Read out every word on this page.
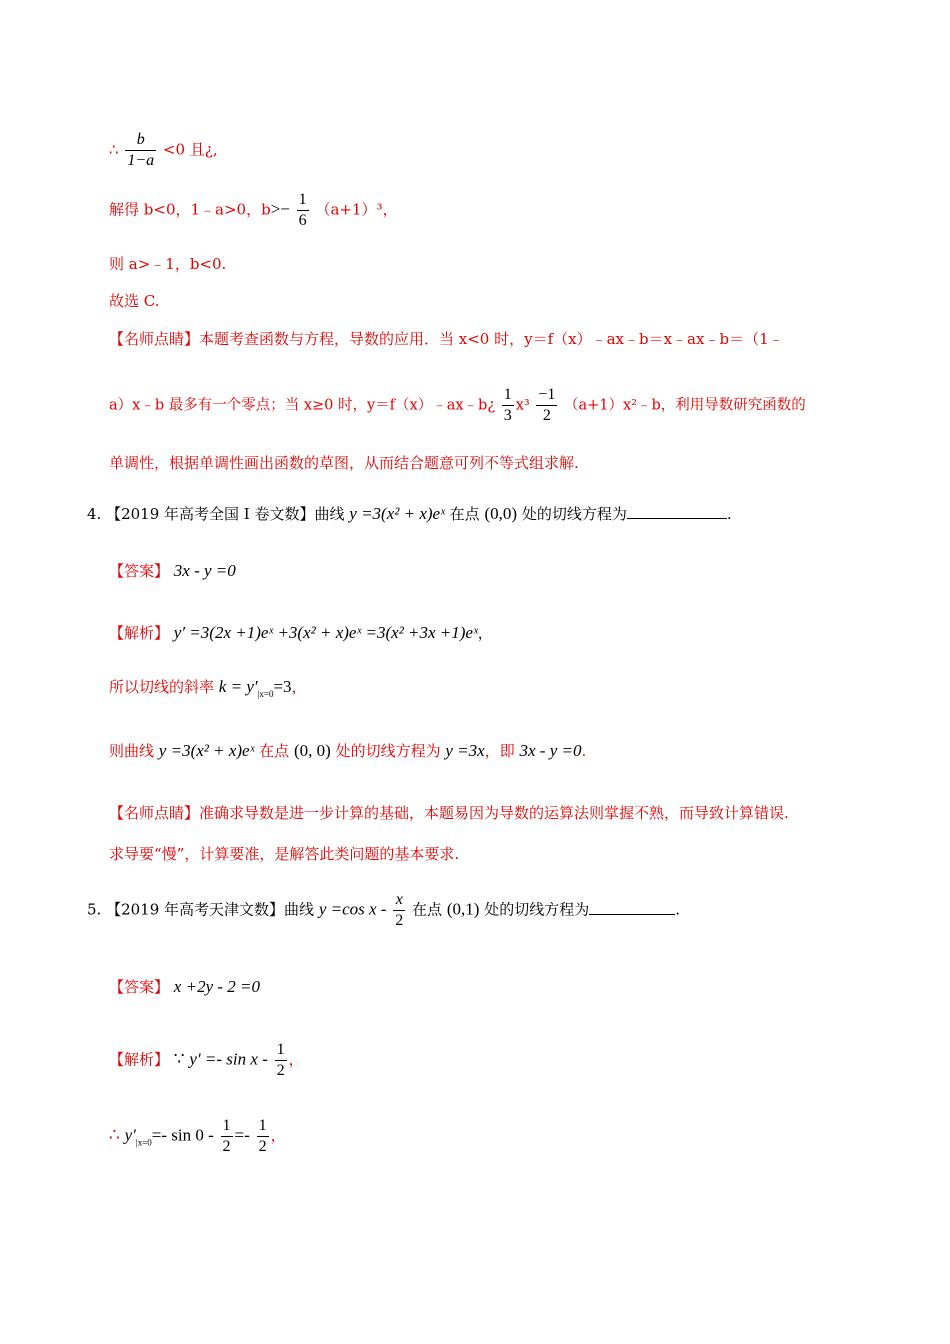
∴ $\frac{b}{1-a} <0$ 且¿,
解得 b<0，1﹣a>0，$b>- \frac{1}{6} (a+1)^3$，
则 a>﹣1，b<0.
故选 C.
【名师点睛】本题考查函数与方程，导数的应用．当 x<0 时，y＝f（x）﹣ax﹣b＝x﹣ax﹣b＝（1﹣
a）x﹣b 最多有一个零点；当 x≥0 时，y＝f（x）﹣ax﹣b¿ $\frac{1}{3} x^3 \frac{-1}{2}$ （a+1）x²﹣b，利用导数研究函数的
单调性，根据单调性画出函数的草图，从而结合题意可列不等式组求解.
4. 【2019 年高考全国 I 卷文数】曲线 y =3(x² + x)eˣ 在点 (0,0) 处的切线方程为	.
【答案】 3x - y =0
【解析】 y′ =3(2x +1)eˣ +3(x² + x)eˣ =3(x² +3x +1)eˣ，
所以切线的斜率 $k = y'_{|x=0}=3$，
则曲线 y =3(x² + x)eˣ 在点 (0, 0) 处的切线方程为 y =3x，即 3x - y =0.
【名师点睛】准确求导数是进一步计算的基础，本题易因为导数的运算法则掌握不熟，而导致计算错误.
求导要“慢”，计算要准，是解答此类问题的基本要求.
5. 【2019 年高考天津文数】曲线 y =cos x - $\frac{x}{2}$ 在点 (0,1) 处的切线方程为	.
【答案】 x +2y - 2 =0
【解析】 ∵ $y' =- \sin x - \frac{1}{2}$ ，
∴ $y'_{|x=0}=-$ $\sin 0 - \frac{1}{2} =- \frac{1}{2}$ ，
